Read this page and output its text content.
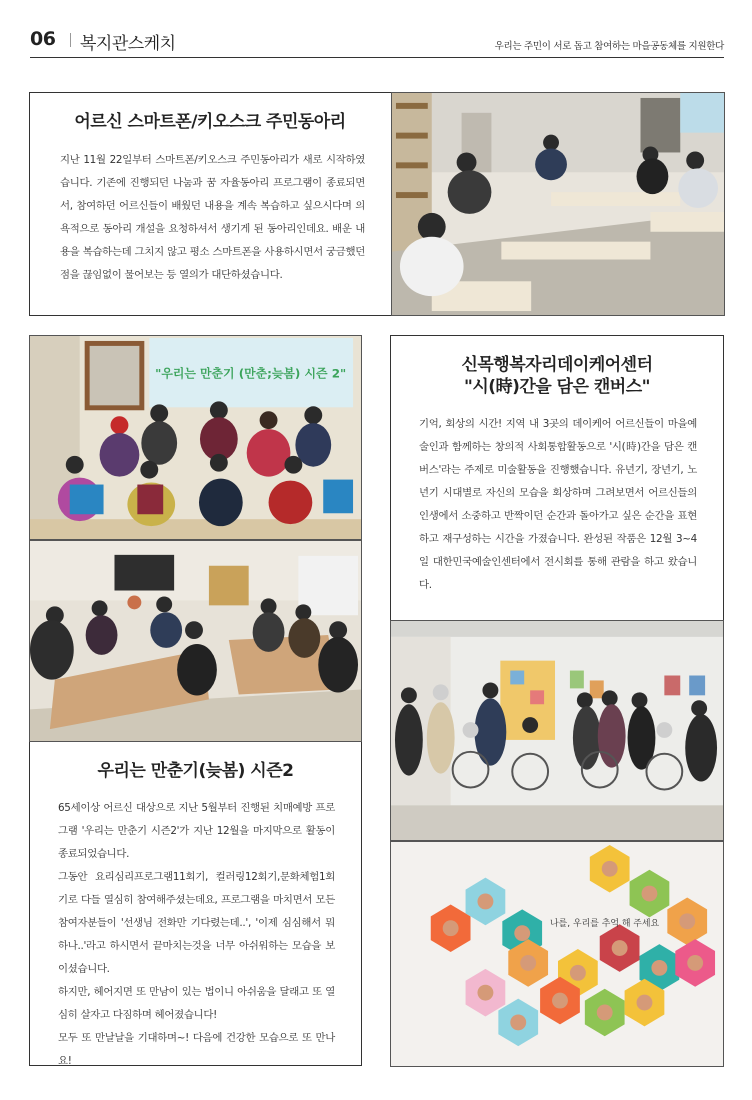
06 복지관스케치	우리는 주민이 서로 돕고 참여하는 마을공동체를 지원한다
어르신 스마트폰/키오스크 주민동아리
지난 11월 22일부터 스마트폰/키오스크 주민동아리가 새로 시작하였습니다. 기존에 진행되던 나눔과 꿈 자율동아리 프로그램이 종료되면서, 참여하던 어르신들이 배웠던 내용을 계속 복습하고 싶으시다며 의욕적으로 동아리 개설을 요청하셔서 생기게 된 동아리인데요. 배운 내용을 복습하는데 그치지 않고 평소 스마트폰을 사용하시면서 궁금했던 점을 끊임없이 물어보는 등 열의가 대단하셨습니다.
"우리는 만춘기 (만춘;늦봄) 시즌 2"
우리는 만춘기(늦봄) 시즌2

65세이상 어르신 대상으로 지난 5월부터 진행된 치매예방 프로그램 '우리는 만춘기 시즌2'가 지난 12월을 마지막으로 활동이 종료되었습니다.

그동안 요리심리프로그램11회기, 컬러링12회기,문화체험1회기로 다들 열심히 참여해주셨는데요, 프로그램을 마치면서 모든 참여자분들이 '선생님 전화만 기다렸는데..', '이제 심심해서 뭐하나..'라고 하시면서 끝마치는것을 너무 아쉬워하는 모습을 보이셨습니다.

하지만, 헤어지면 또 만남이 있는 법이니 아쉬움을 달래고 또 열심히 살자고 다짐하며 헤어졌습니다!

모두 또 만날날을 기대하며~! 다음에 건강한 모습으로 또 만나요!

신목행복자리데이케어센터
"시(時)간을 담은 캔버스"
기억, 회상의 시간! 지역 내 3곳의 데이케어 어르신들이 마을예술인과 함께하는 창의적 사회통합활동으로 '시(時)간을 담은 캔버스'라는 주제로 미술활동을 진행했습니다. 유년기, 장년기, 노년기 시대별로 자신의 모습을 회상하며 그려보면서 어르신들의 인생에서 소중하고 반짝이던 순간과 돌아가고 싶은 순간을 표현하고 재구성하는 시간을 가졌습니다. 완성된 작품은 12월 3~4일 대한민국예술인센터에서 전시회를 통해 관람을 하고 왔습니다.
나를, 우리를 추억 해 주세요
